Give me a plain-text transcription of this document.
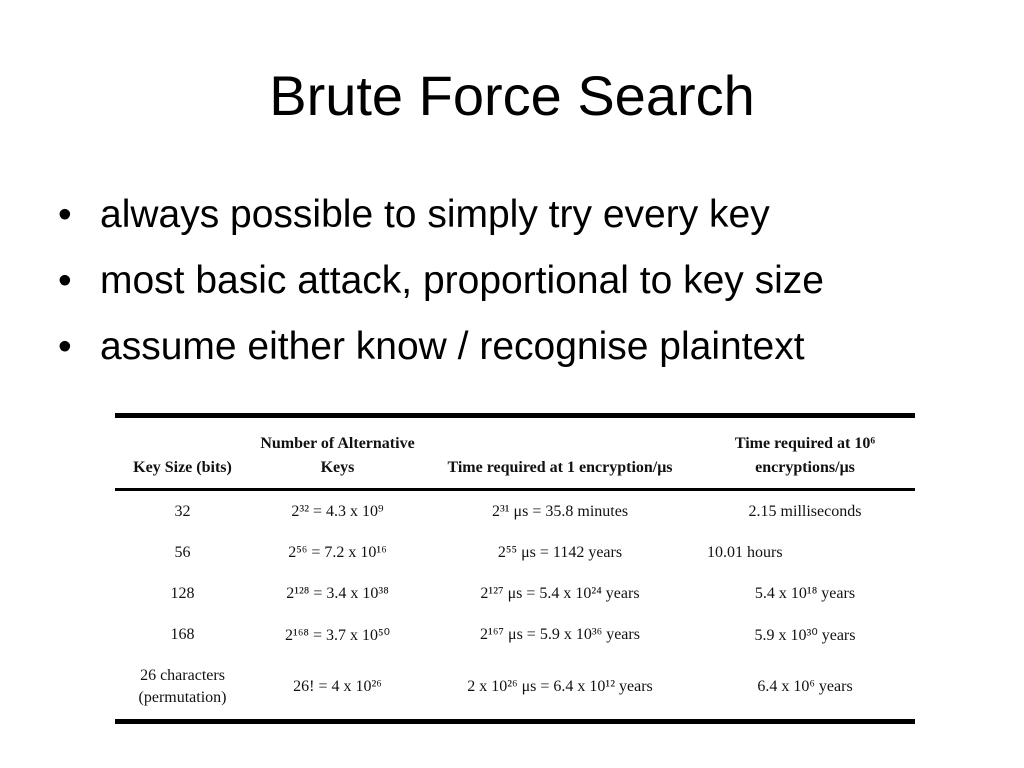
Brute Force Search
• always possible to simply try every key
• most basic attack, proportional to key size
• assume either know / recognise plaintext
Key Size (bits)	Number of Alternative Keys	Time required at 1 encryption/μs	Time required at 10⁶ encryptions/μs
32	2³² = 4.3 x 10⁹	2³¹ μs = 35.8 minutes	2.15 milliseconds
56	2⁵⁶ = 7.2 x 10¹⁶	2⁵⁵ μs = 1142 years	10.01 hours
128	2¹²⁸ = 3.4 x 10³⁸	2¹²⁷ μs = 5.4 x 10²⁴ years	5.4 x 10¹⁸ years
168	2¹⁶⁸ = 3.7 x 10⁵⁰	2¹⁶⁷ μs = 5.9 x 10³⁶ years	5.9 x 10³⁰ years
26 characters (permutation)	26! = 4 x 10²⁶	2 x 10²⁶ μs = 6.4 x 10¹² years	6.4 x 10⁶ years
